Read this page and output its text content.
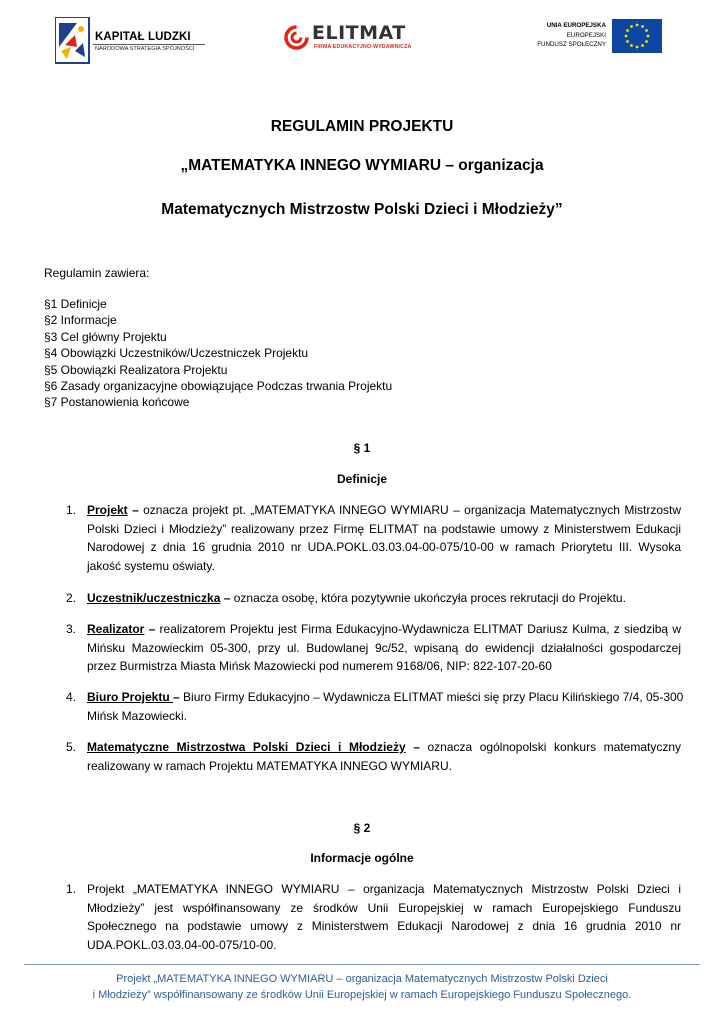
KAPITAŁ LUDZKI
NARODOWA STRATEGIA SPÓJNOŚCI
ELITMAT
FIRMA EDUKACYJNO-WYDAWNICZA
UNIA EUROPEJSKA
EUROPEJSKI
FUNDUSZ SPOŁECZNY
REGULAMIN PROJEKTU
„MATEMATYKA INNEGO WYMIARU – organizacja
Matematycznych Mistrzostw Polski Dzieci i Młodzieży”
Regulamin zawiera:
§1 Definicje
§2 Informacje
§3 Cel główny Projektu
§4 Obowiązki Uczestników/Uczestniczek Projektu
§5 Obowiązki Realizatora Projektu
§6 Zasady organizacyjne obowiązujące Podczas trwania Projektu
§7 Postanowienia końcowe
§ 1
Definicje
1. Projekt – oznacza projekt pt. „MATEMATYKA INNEGO WYMIARU – organizacja Matematycznych Mistrzostw
Polski Dzieci i Młodzieży” realizowany przez Firmę ELITMAT na podstawie umowy z Ministerstwem Edukacji
Narodowej z dnia 16 grudnia 2010 nr UDA.POKL.03.03.04-00-075/10-00 w ramach Priorytetu III. Wysoka
jakość systemu oświaty.
2. Uczestnik/uczestniczka – oznacza osobę, która pozytywnie ukończyła proces rekrutacji do Projektu.
3. Realizator – realizatorem Projektu jest Firma Edukacyjno-Wydawnicza ELITMAT Dariusz Kulma, z siedzibą w
Mińsku Mazowieckim 05-300, przy ul. Budowlanej 9c/52, wpisaną do ewidencji działalności gospodarczej
przez Burmistrza Miasta Mińsk Mazowiecki pod numerem 9168/06, NIP: 822-107-20-60
4. Biuro Projektu – Biuro Firmy Edukacyjno – Wydawnicza ELITMAT mieści się przy Placu Kilińskiego 7/4, 05-300
Mińsk Mazowiecki.
5. Matematyczne Mistrzostwa Polski Dzieci i Młodzieży – oznacza ogólnopolski konkurs matematyczny
realizowany w ramach Projektu MATEMATYKA INNEGO WYMIARU.
§ 2
Informacje ogólne
1. Projekt „MATEMATYKA INNEGO WYMIARU – organizacja Matematycznych Mistrzostw Polski Dzieci i
Młodzieży” jest współfinansowany ze środków Unii Europejskiej w ramach Europejskiego Funduszu
Społecznego na podstawie umowy z Ministerstwem Edukacji Narodowej z dnia 16 grudnia 2010 nr
UDA.POKL.03.03.04-00-075/10-00.
Projekt „MATEMATYKA INNEGO WYMIARU – organizacja Matematycznych Mistrzostw Polski Dzieci
i Młodzieży” współfinansowany ze środków Unii Europejskiej w ramach Europejskiego Funduszu Społecznego.
